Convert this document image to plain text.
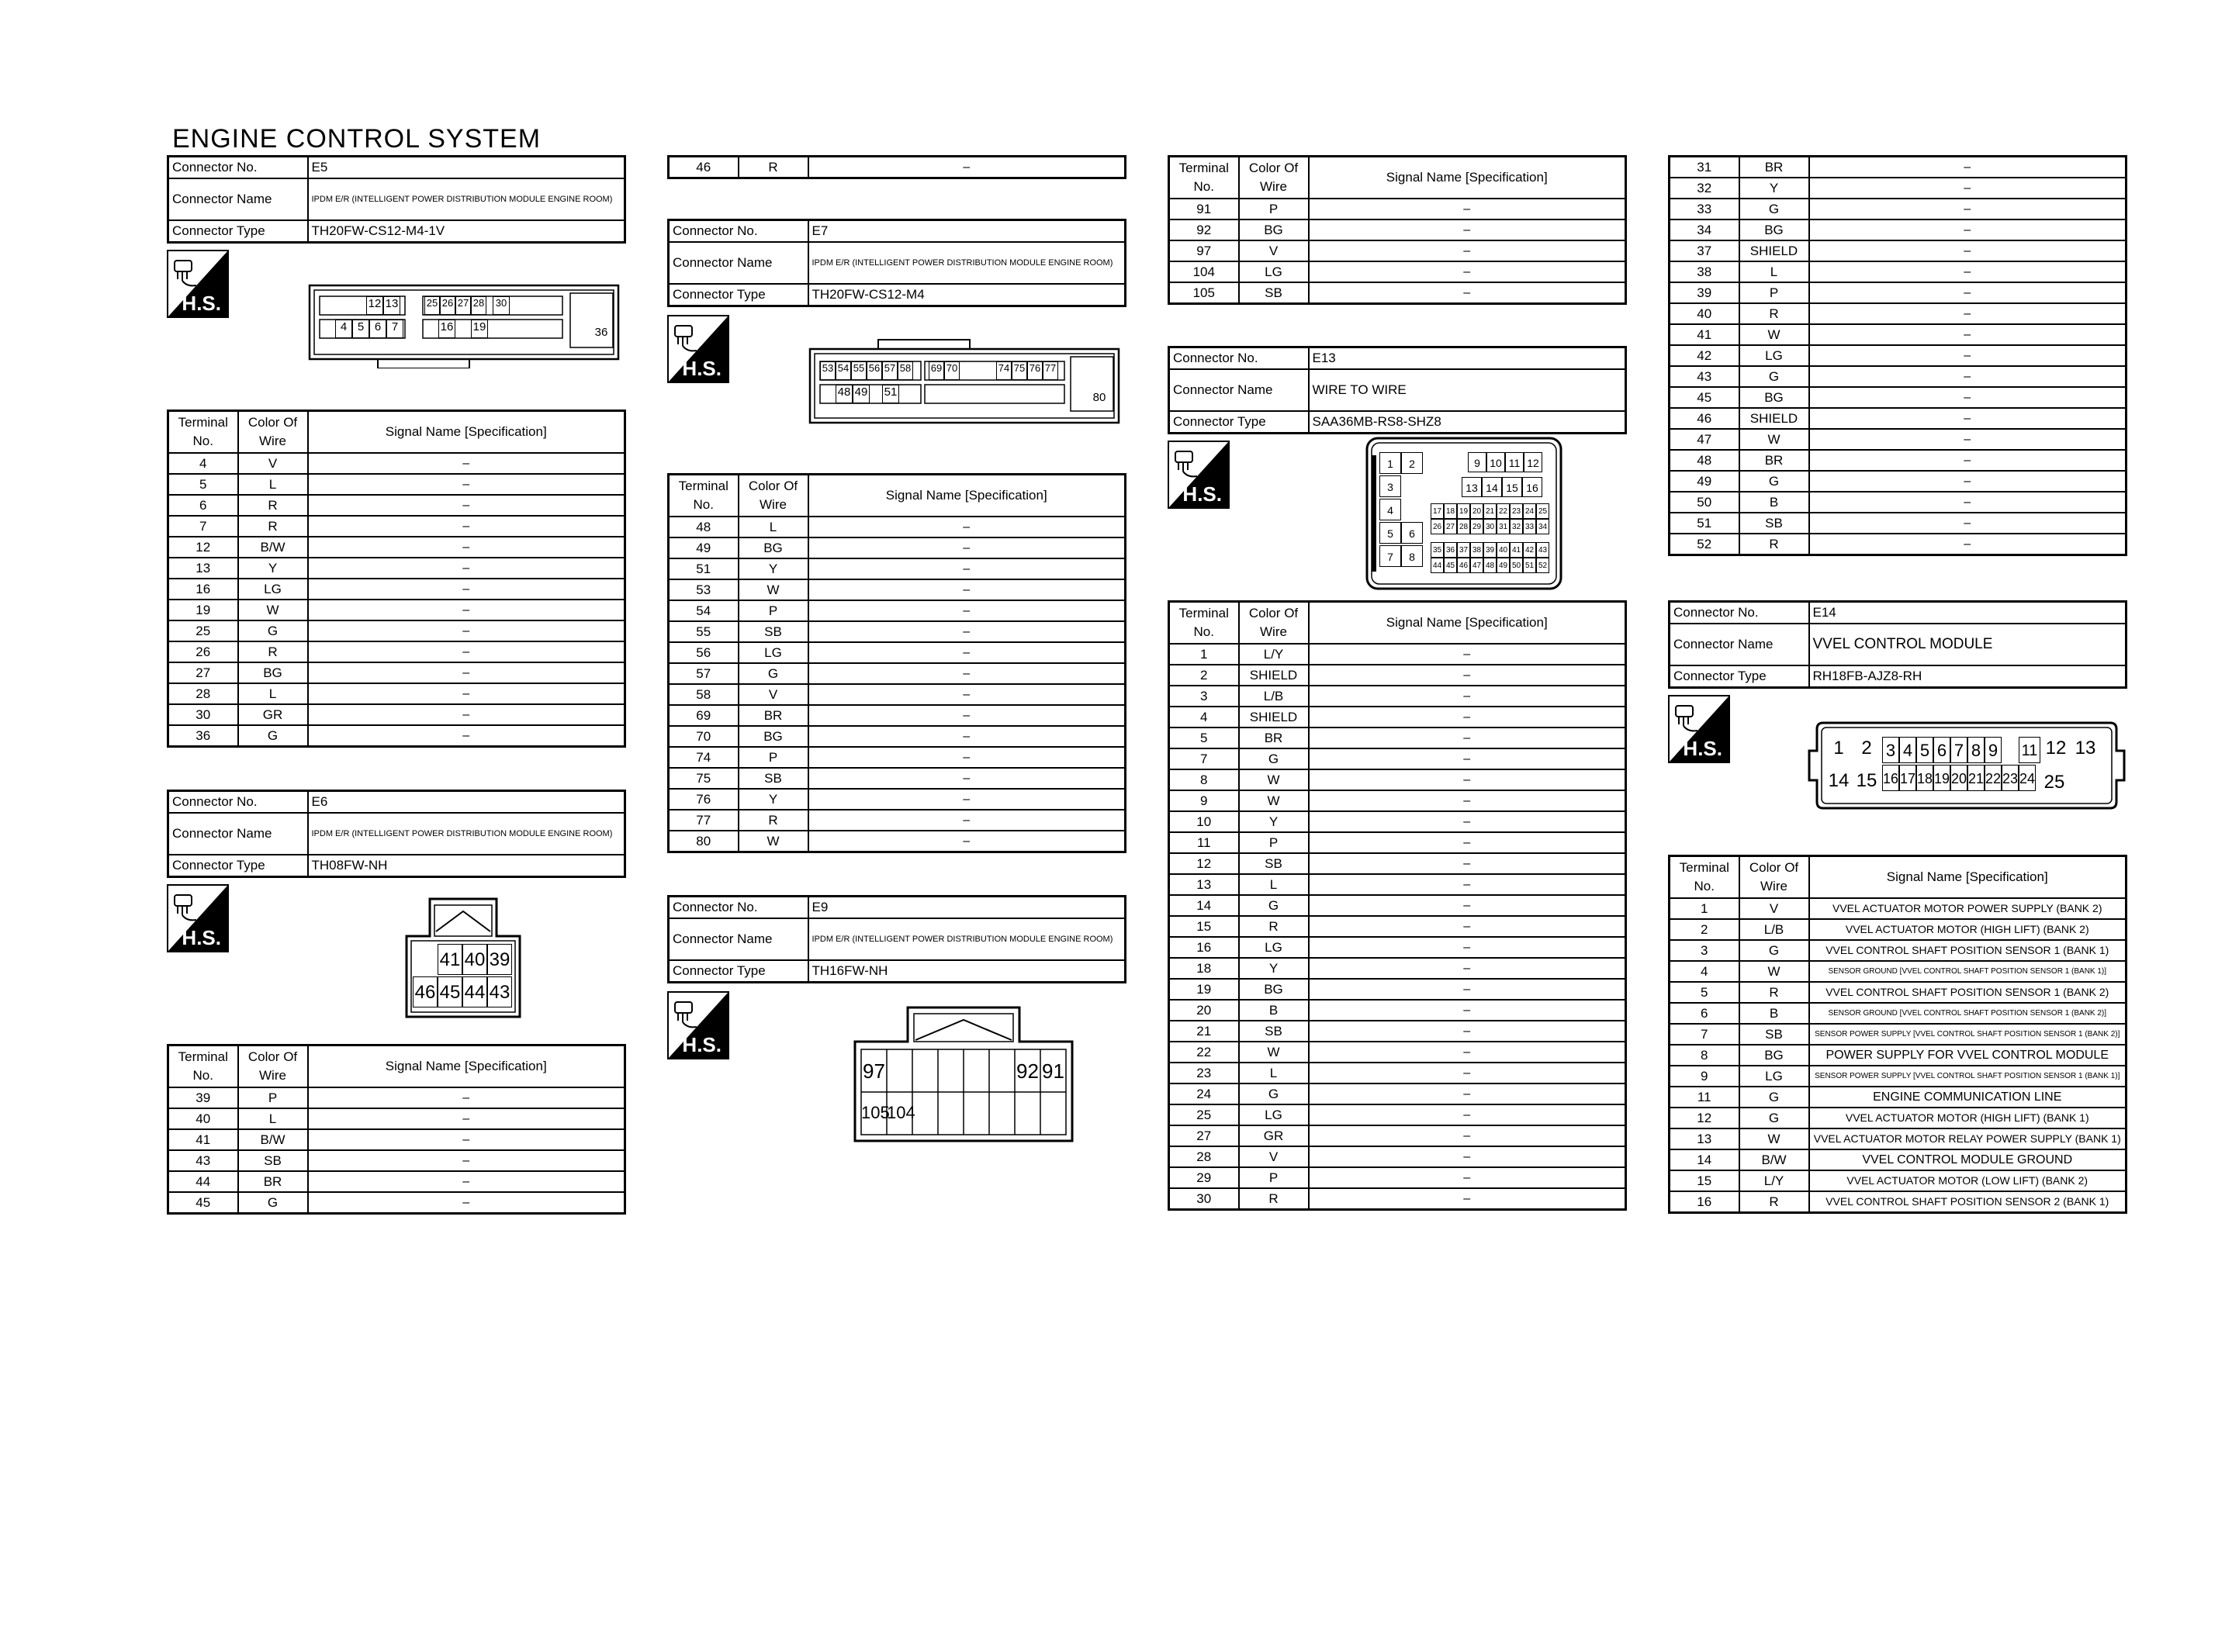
ENGINE CONTROL SYSTEM
Connector No.	E5
Connector Name	IPDM E/R (INTELLIGENT POWER DISTRIBUTION MODULE ENGINE ROOM)
Connector Type	TH20FW-CS12-M4-1V
H.S.	12 13	25 26 27 28 30
4 5 6 7	16 19	36
Terminal No.	Color Of Wire	Signal Name [Specification]
4	V	–
5	L	–
6	R	–
7	R	–
12	B/W	–
13	Y	–
16	LG	–
19	W	–
25	G	–
26	R	–
27	BG	–
28	L	–
30	GR	–
36	G	–
Connector No.	E6
Connector Name	IPDM E/R (INTELLIGENT POWER DISTRIBUTION MODULE ENGINE ROOM)
Connector Type	TH08FW-NH
H.S.
41 40 39
46 45 44 43
Terminal No.	Color Of Wire	Signal Name [Specification]
39	P	–
40	L	–
41	B/W	–
43	SB	–
44	BR	–
45	G	–
46	R	–
Connector No.	E7
Connector Name	IPDM E/R (INTELLIGENT POWER DISTRIBUTION MODULE ENGINE ROOM)
Connector Type	TH20FW-CS12-M4
H.S.	53 54 55 56 57 58 69 70	74 75 76 77
48 49 51	80
Terminal No.	Color Of Wire	Signal Name [Specification]
48	L	–
49	BG	–
51	Y	–
53	W	–
54	P	–
55	SB	–
56	LG	–
57	G	–
58	V	–
69	BR	–
70	BG	–
74	P	–
75	SB	–
76	Y	–
77	R	–
80	W	–
Connector No.	E9
Connector Name	IPDM E/R (INTELLIGENT POWER DISTRIBUTION MODULE ENGINE ROOM)
Connector Type	TH16FW-NH
H.S.
97	92 91
105
104
Terminal No.	Color Of Wire	Signal Name [Specification]
91	P	–
92	BG	–
97	V	–
104	LG	–
105	SB	–
Connector No.	E13
Connector Name	WIRE TO WIRE
Connector Type	SAA36MB-RS8-SHZ8
H.S.
1	2
3
4
5	6
7	8
9 10 11 12
13 14 15 16
17 18 19 20 21 22 23 24 25
26 27 28 29 30 31 32 33 34
35 36 37 38 39 40 41 42 43
44 45 46 47 48 49 50 51 52
Terminal No.	Color Of Wire	Signal Name [Specification]
1	L/Y	–
2	SHIELD	–
3	L/B	–
4	SHIELD	–
5	BR	–
7	G	–
8	W	–
9	W	–
10	Y	–
11	P	–
12	SB	–
13	L	–
14	G	–
15	R	–
16	LG	–
18	Y	–
19	BG	–
20	B	–
21	SB	–
22	W	–
23	L	–
24	G	–
25	LG	–
27	GR	–
28	V	–
29	P	–
30	R	–
31	BR	–
32	Y	–
33	G	–
34	BG	–
37	SHIELD	–
38	L	–
39	P	–
40	R	–
41	W	–
42	LG	–
43	G	–
45	BG	–
46	SHIELD	–
47	W	–
48	BR	–
49	G	–
50	B	–
51	SB	–
52	R	–
Connector No.	E14
Connector Name	VVEL CONTROL MODULE
Connector Type	RH18FB-AJZ8-RH
H.S.	1 2 3 4 5 6 7 8 9 11 12 13
14 15 16 17 18 19 20 21 22 23 24 25
Terminal No.	Color Of Wire	Signal Name [Specification]
1	V	VVEL ACTUATOR MOTOR POWER SUPPLY (BANK 2)
2	L/B	VVEL ACTUATOR MOTOR (HIGH LIFT) (BANK 2)
3	G	VVEL CONTROL SHAFT POSITION SENSOR 1 (BANK 1)
4	W	SENSOR GROUND [VVEL CONTROL SHAFT POSITION SENSOR 1 (BANK 1)]
5	R	VVEL CONTROL SHAFT POSITION SENSOR 1 (BANK 2)
6	B	SENSOR GROUND [VVEL CONTROL SHAFT POSITION SENSOR 1 (BANK 2)]
7	SB	SENSOR POWER SUPPLY [VVEL CONTROL SHAFT POSITION SENSOR 1 (BANK 2)]
8	BG	POWER SUPPLY FOR VVEL CONTROL MODULE
9	LG	SENSOR POWER SUPPLY [VVEL CONTROL SHAFT POSITION SENSOR 1 (BANK 1)]
11	G	ENGINE COMMUNICATION LINE
12	G	VVEL ACTUATOR MOTOR (HIGH LIFT) (BANK 1)
13	W	VVEL ACTUATOR MOTOR RELAY POWER SUPPLY (BANK 1)
14	B/W	VVEL CONTROL MODULE GROUND
15	L/Y	VVEL ACTUATOR MOTOR (LOW LIFT) (BANK 2)
16	R	VVEL CONTROL SHAFT POSITION SENSOR 2 (BANK 1)
